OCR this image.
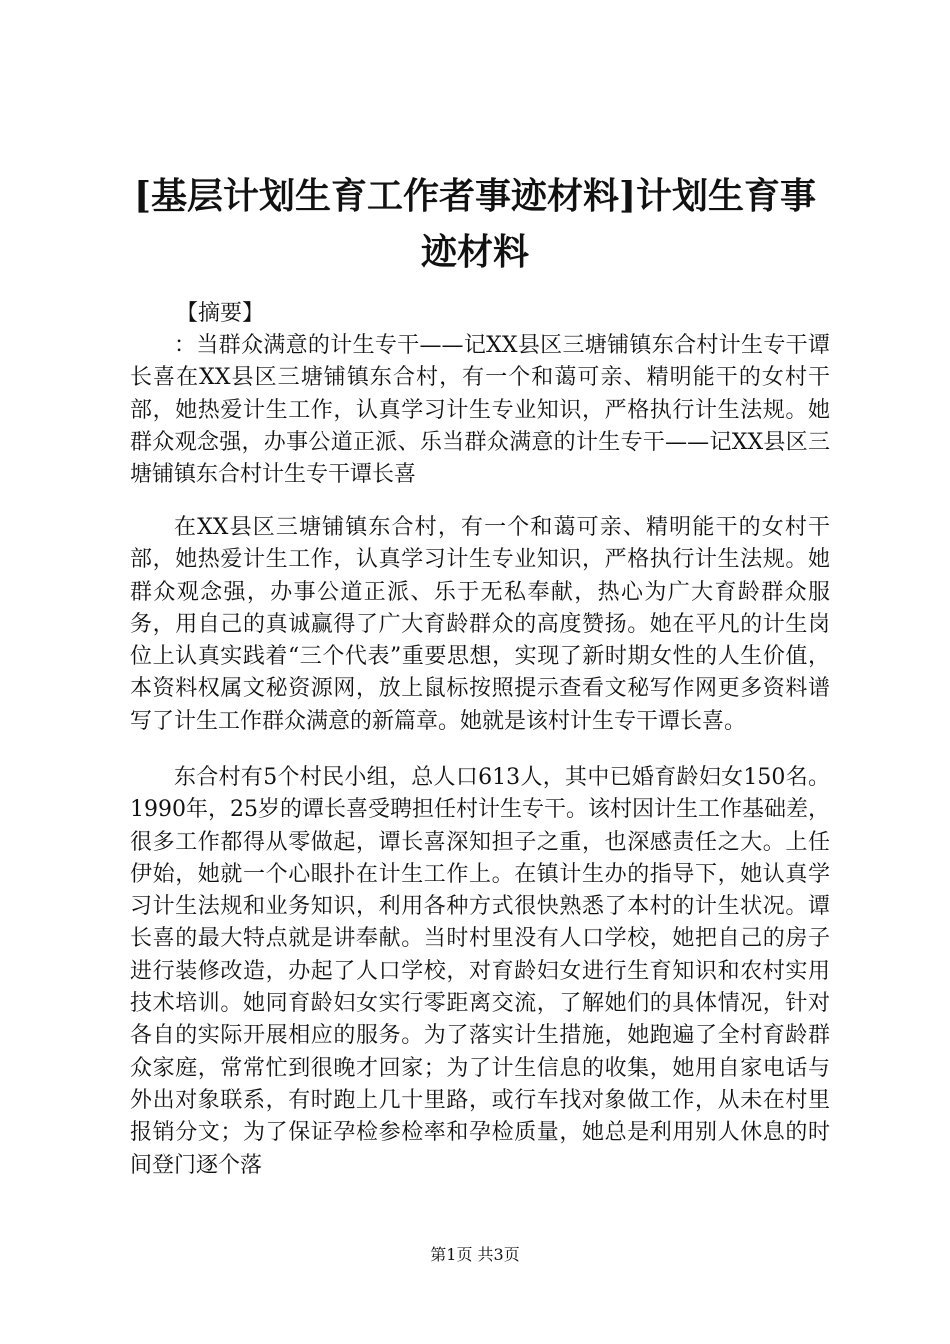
[基层计划生育工作者事迹材料]计划生育事迹材料
【摘要】
：当群众满意的计生专干——记XX县区三塘铺镇东合村计生专干谭长喜在XX县区三塘铺镇东合村，有一个和蔼可亲、精明能干的女村干部，她热爱计生工作，认真学习计生专业知识，严格执行计生法规。她群众观念强，办事公道正派、乐当群众满意的计生专干——记XX县区三塘铺镇东合村计生专干谭长喜
在XX县区三塘铺镇东合村，有一个和蔼可亲、精明能干的女村干部，她热爱计生工作，认真学习计生专业知识，严格执行计生法规。她群众观念强，办事公道正派、乐于无私奉献，热心为广大育龄群众服务，用自己的真诚赢得了广大育龄群众的高度赞扬。她在平凡的计生岗位上认真实践着“三个代表”重要思想，实现了新时期女性的人生价值，本资料权属文秘资源网，放上鼠标按照提示查看文秘写作网更多资料谱写了计生工作群众满意的新篇章。她就是该村计生专干谭长喜。
东合村有5个村民小组，总人口613人，其中已婚育龄妇女150名。1990年，25岁的谭长喜受聘担任村计生专干。该村因计生工作基础差，很多工作都得从零做起，谭长喜深知担子之重，也深感责任之大。上任伊始，她就一个心眼扑在计生工作上。在镇计生办的指导下，她认真学习计生法规和业务知识，利用各种方式很快熟悉了本村的计生状况。谭长喜的最大特点就是讲奉献。当时村里没有人口学校，她把自己的房子进行装修改造，办起了人口学校，对育龄妇女进行生育知识和农村实用技术培训。她同育龄妇女实行零距离交流，了解她们的具体情况，针对各自的实际开展相应的服务。为了落实计生措施，她跑遍了全村育龄群众家庭，常常忙到很晚才回家；为了计生信息的收集，她用自家电话与外出对象联系，有时跑上几十里路，或行车找对象做工作，从未在村里报销分文；为了保证孕检参检率和孕检质量，她总是利用别人休息的时间登门逐个落
第1页 共3页
